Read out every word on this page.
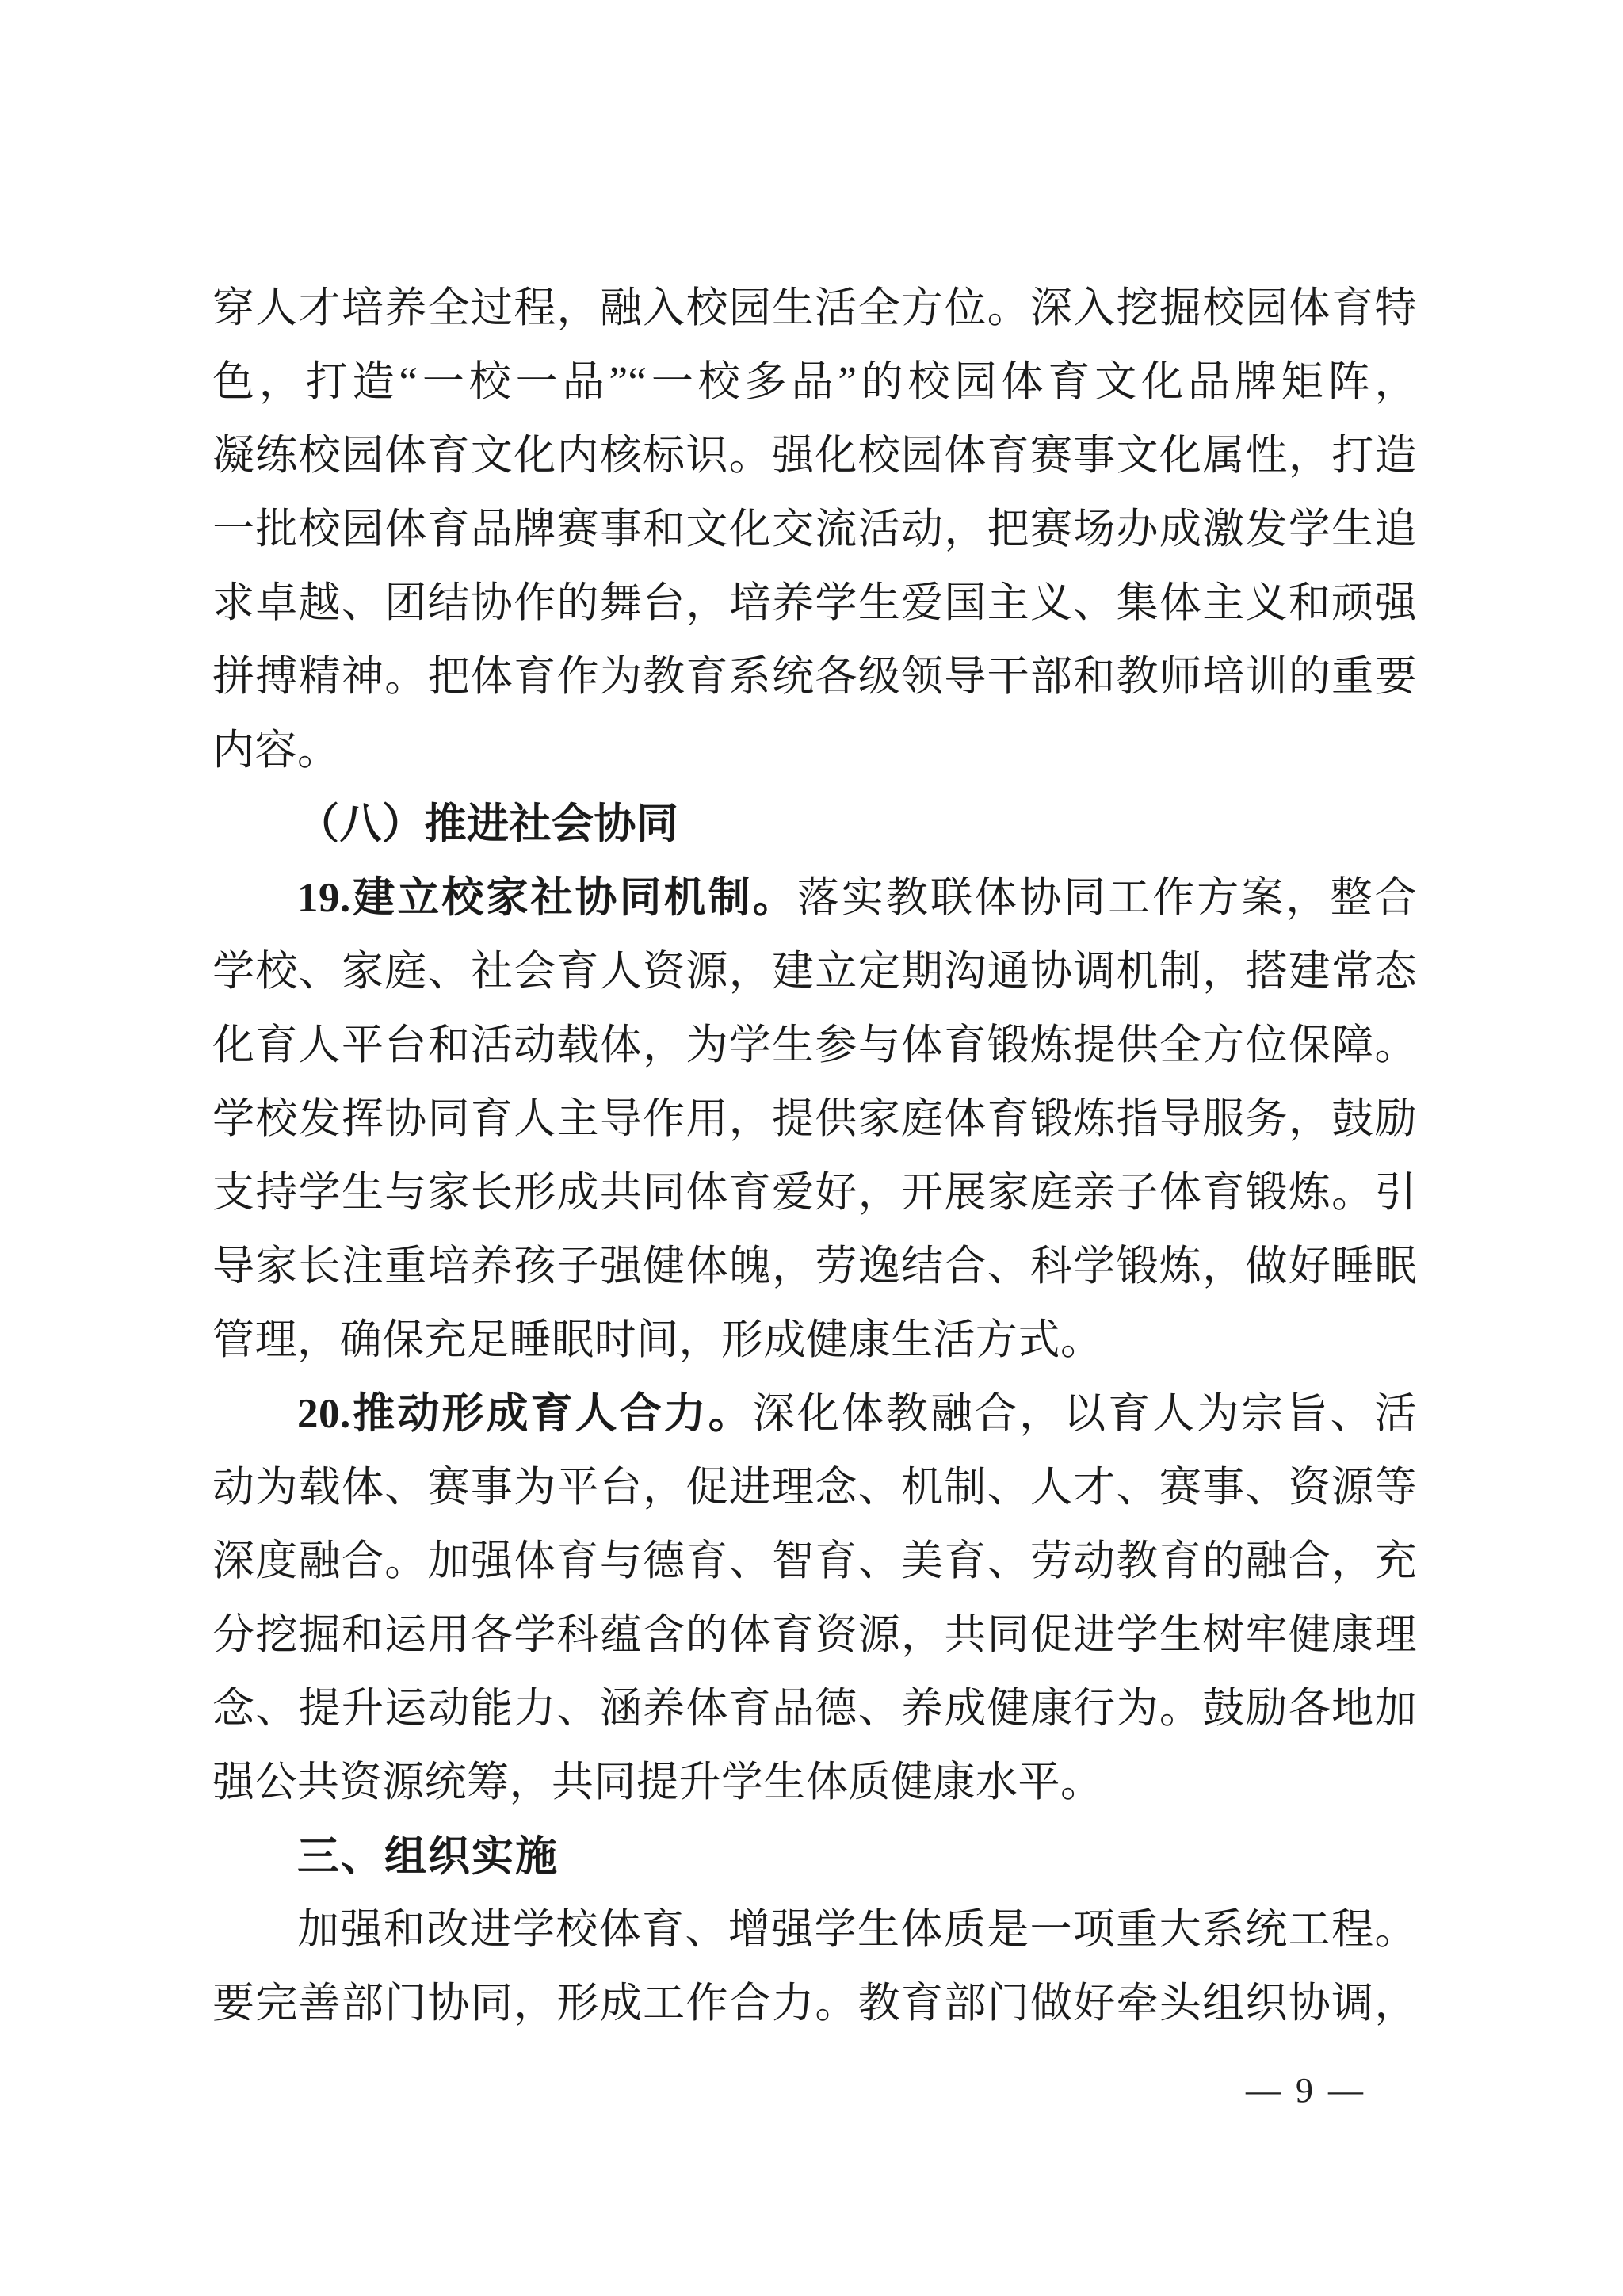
穿人才培养全过程，融入校园生活全方位。深入挖掘校园体育特
色，打造“一校一品”“一校多品”的校园体育文化品牌矩阵，
凝练校园体育文化内核标识。强化校园体育赛事文化属性，打造
一批校园体育品牌赛事和文化交流活动，把赛场办成激发学生追
求卓越、团结协作的舞台，培养学生爱国主义、集体主义和顽强
拼搏精神。把体育作为教育系统各级领导干部和教师培训的重要
内容。
（八）推进社会协同
19.建立校家社协同机制。落实教联体协同工作方案，整合
学校、家庭、社会育人资源，建立定期沟通协调机制，搭建常态
化育人平台和活动载体，为学生参与体育锻炼提供全方位保障。
学校发挥协同育人主导作用，提供家庭体育锻炼指导服务，鼓励
支持学生与家长形成共同体育爱好，开展家庭亲子体育锻炼。引
导家长注重培养孩子强健体魄，劳逸结合、科学锻炼，做好睡眠
管理，确保充足睡眠时间，形成健康生活方式。
20.推动形成育人合力。深化体教融合，以育人为宗旨、活
动为载体、赛事为平台，促进理念、机制、人才、赛事、资源等
深度融合。加强体育与德育、智育、美育、劳动教育的融合，充
分挖掘和运用各学科蕴含的体育资源，共同促进学生树牢健康理
念、提升运动能力、涵养体育品德、养成健康行为。鼓励各地加
强公共资源统筹，共同提升学生体质健康水平。
三、组织实施
加强和改进学校体育、增强学生体质是一项重大系统工程。
要完善部门协同，形成工作合力。教育部门做好牵头组织协调，
— 9 —
